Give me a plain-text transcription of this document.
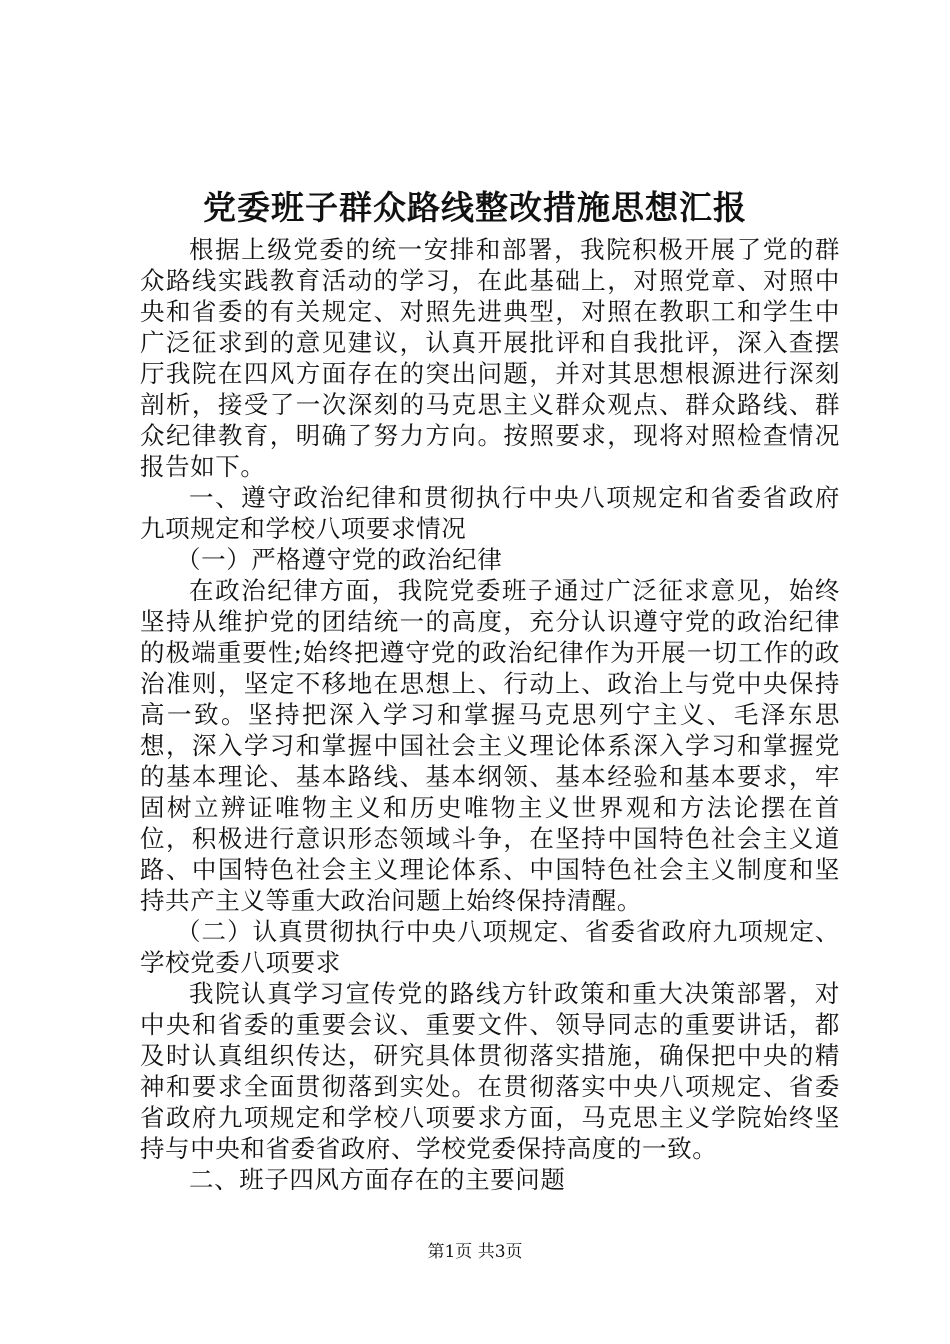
党委班子群众路线整改措施思想汇报

根据上级党委的统一安排和部署，我院积极开展了党的群众路线实践教育活动的学习，在此基础上，对照党章、对照中央和省委的有关规定、对照先进典型，对照在教职工和学生中广泛征求到的意见建议，认真开展批评和自我批评，深入查摆厅我院在四风方面存在的突出问题，并对其思想根源进行深刻剖析，接受了一次深刻的马克思主义群众观点、群众路线、群众纪律教育，明确了努力方向。按照要求，现将对照检查情况报告如下。

一、遵守政治纪律和贯彻执行中央八项规定和省委省政府九项规定和学校八项要求情况

（一）严格遵守党的政治纪律

在政治纪律方面，我院党委班子通过广泛征求意见，始终坚持从维护党的团结统一的高度，充分认识遵守党的政治纪律的极端重要性;始终把遵守党的政治纪律作为开展一切工作的政治准则，坚定不移地在思想上、行动上、政治上与党中央保持高一致。坚持把深入学习和掌握马克思列宁主义、毛泽东思想，深入学习和掌握中国社会主义理论体系深入学习和掌握党的基本理论、基本路线、基本纲领、基本经验和基本要求，牢固树立辨证唯物主义和历史唯物主义世界观和方法论摆在首位，积极进行意识形态领域斗争，在坚持中国特色社会主义道路、中国特色社会主义理论体系、中国特色社会主义制度和坚持共产主义等重大政治问题上始终保持清醒。

（二）认真贯彻执行中央八项规定、省委省政府九项规定、学校党委八项要求

我院认真学习宣传党的路线方针政策和重大决策部署，对中央和省委的重要会议、重要文件、领导同志的重要讲话，都及时认真组织传达，研究具体贯彻落实措施，确保把中央的精神和要求全面贯彻落到实处。在贯彻落实中央八项规定、省委省政府九项规定和学校八项要求方面，马克思主义学院始终坚持与中央和省委省政府、学校党委保持高度的一致。

二、班子四风方面存在的主要问题

第1页 共3页
